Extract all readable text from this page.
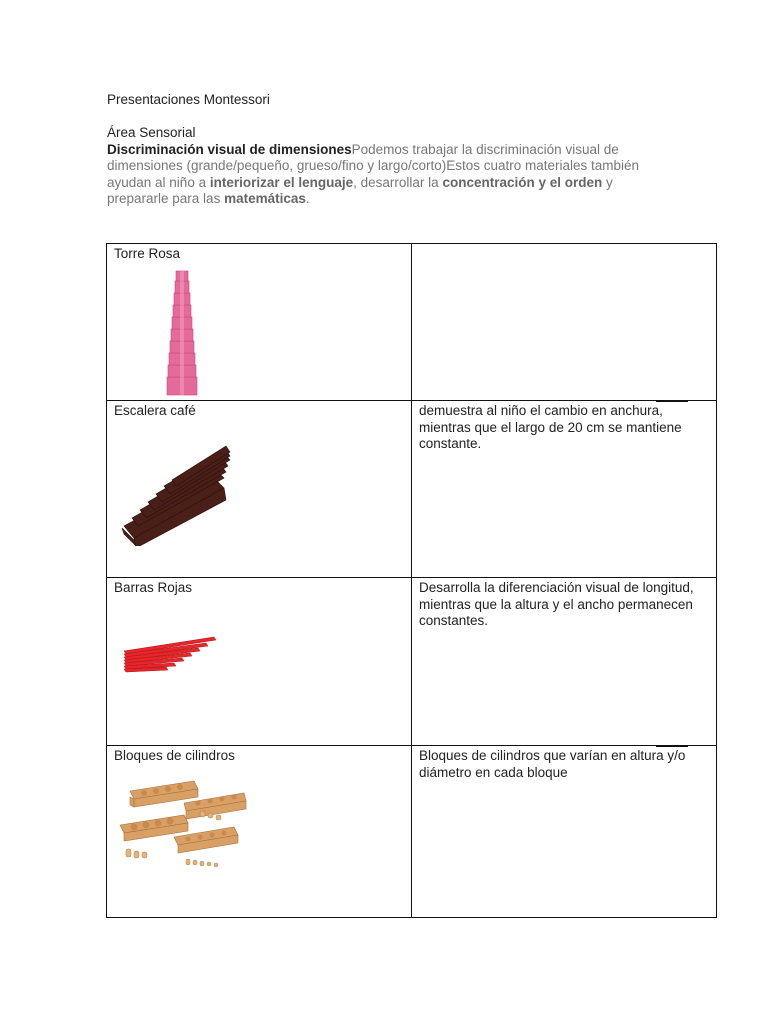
Presentaciones Montessori
Área Sensorial
Discriminación visual de dimensionesPodemos trabajar la discriminación visual de dimensiones (grande/pequeño, grueso/fino y largo/corto)Estos cuatro materiales también ayudan al niño a interiorizar el lenguaje, desarrollar la concentración y el orden y prepararle para las matemáticas.
Torre Rosa	

Escalera café	demuestra al niño el cambio en anchura, mientras que el largo de 20 cm se mantiene constante.

Barras Rojas	Desarrolla la diferenciación visual de longitud, mientras que la altura y el ancho permanecen constantes.

Bloques de cilindros	Bloques de cilindros que varían en altura y/o diámetro en cada bloque
